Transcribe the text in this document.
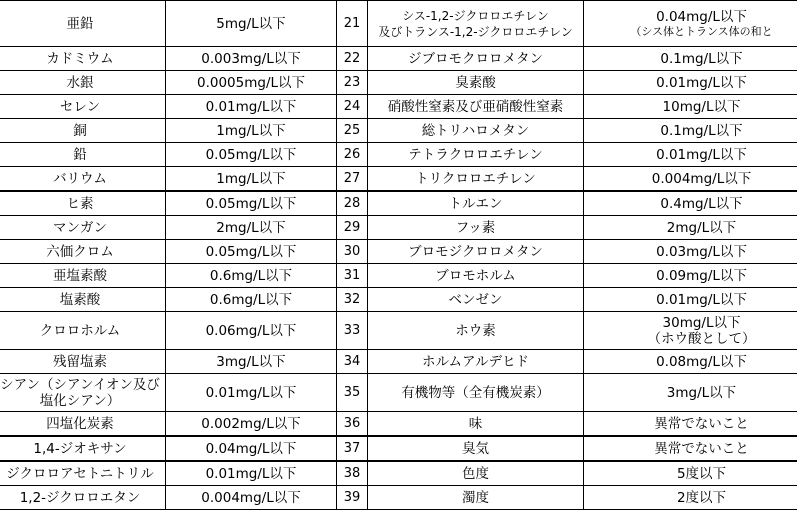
亜鉛	5mg/L以下	21	シス-1,2-ジクロロエチレン
及びトランス-1,2-ジクロロエチレン	0.04mg/L以下
（シス体とトランス体の和と

カドミウム	0.003mg/L以下	22	ジブロモクロロメタン	0.1mg/L以下
水銀	0.0005mg/L以下	23	臭素酸	0.01mg/L以下
セレン	0.01mg/L以下	24	硝酸性窒素及び亜硝酸性窒素	10mg/L以下
銅	1mg/L以下	25	総トリハロメタン	0.1mg/L以下
鉛	0.05mg/L以下	26	テトラクロロエチレン	0.01mg/L以下
バリウム	1mg/L以下	27	トリクロロエチレン	0.004mg/L以下
ヒ素	0.05mg/L以下	28	トルエン	0.4mg/L以下
マンガン	2mg/L以下	29	フッ素	2mg/L以下
六価クロム	0.05mg/L以下	30	ブロモジクロロメタン	0.03mg/L以下
亜塩素酸	0.6mg/L以下	31	ブロモホルム	0.09mg/L以下
塩素酸	0.6mg/L以下	32	ベンゼン	0.01mg/L以下
クロロホルム	0.06mg/L以下	33	ホウ素	30mg/L以下
（ホウ酸として）

残留塩素	3mg/L以下	34	ホルムアルデヒド	0.08mg/L以下

シアン（シアンイオン及び
塩化シアン）	0.01mg/L以下	35	有機物等（全有機炭素）	3mg/L以下
四塩化炭素	0.002mg/L以下	36	味	異常でないこと
1,4-ジオキサン	0.04mg/L以下	37	臭気	異常でないこと
ジクロロアセトニトリル	0.01mg/L以下	38	色度	5度以下
1,2-ジクロロエタン	0.004mg/L以下	39	濁度	2度以下
